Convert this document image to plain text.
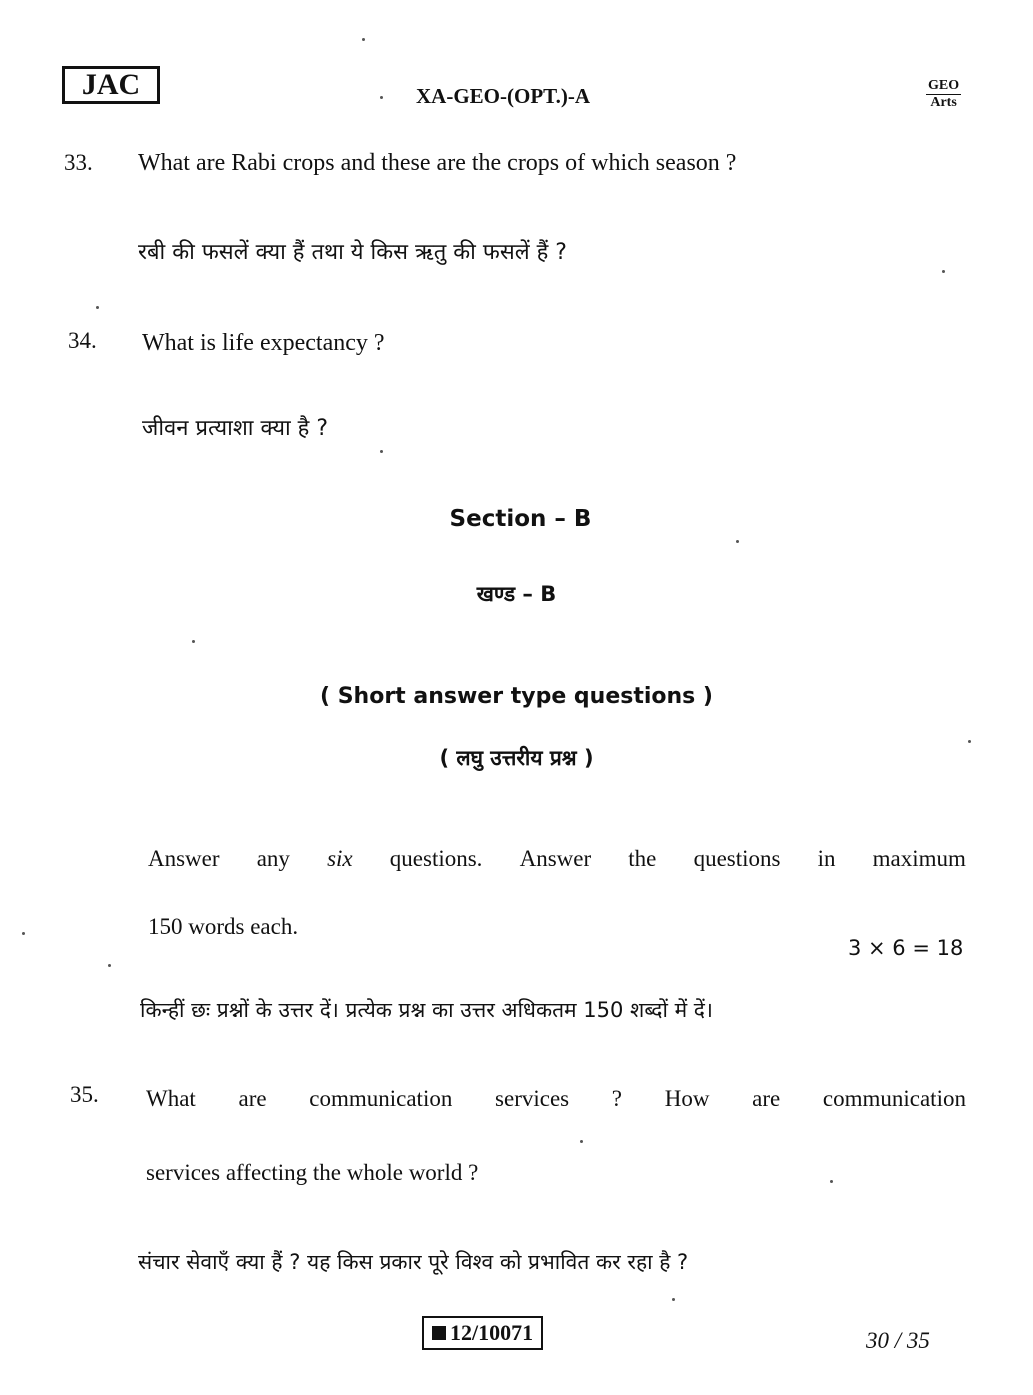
JAC	XA-GEO-(OPT.)-A	GEO
Arts
33. What are Rabi crops and these are the crops of which season ?
रबी की फसलें क्या हैं तथा ये किस ऋतु की फसलें हैं ?
34. What is life expectancy ?
जीवन प्रत्याशा क्या है ?
Section – B
खण्ड – B
( Short answer type questions )
( लघु उत्तरीय प्रश्न )
Answer any six questions. Answer the questions in maximum
150 words each.
3 × 6 = 18
किन्हीं छः प्रश्नों के उत्तर दें। प्रत्येक प्रश्न का उत्तर अधिकतम 150 शब्दों में दें।
35. What are communication services ? How are communication
services affecting the whole world ?
संचार सेवाएँ क्या हैं ? यह किस प्रकार पूरे विश्व को प्रभावित कर रहा है ?
12/10071	30 / 35
